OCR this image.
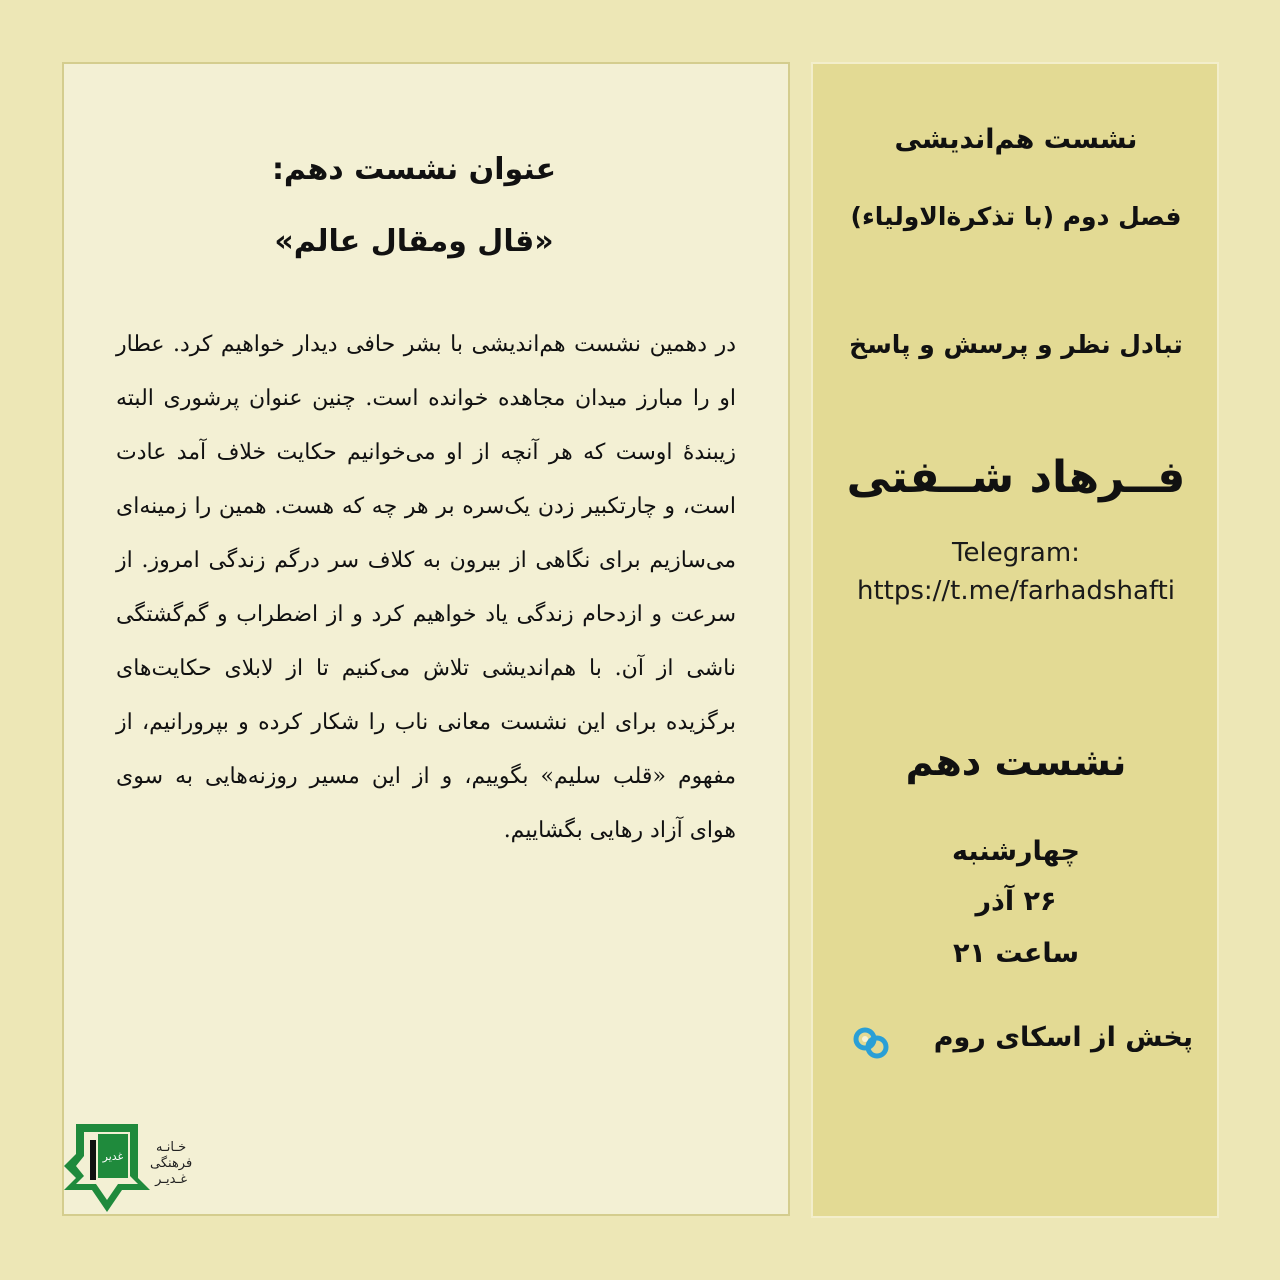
عنوان نشست دهم:
«قال ومقال عالم»
در دهمین نشست هم‌اندیشی با بشر حافی دیدار خواهیم کرد. عطار او را مبارز میدان مجاهده خوانده است. چنین عنوان پرشوری البته زیبندهٔ اوست که هر آنچه از او می‌خوانیم حکایت خلاف آمد عادت است، و چارتکبیر زدن یک‌سره بر هر چه که هست. همین را زمینه‌ای می‌سازیم برای نگاهی از بیرون به کلاف سر درگم زندگی امروز. از سرعت و ازدحام زندگی یاد خواهیم کرد و از اضطراب و گم‌گشتگی ناشی از آن. با هم‌اندیشی تلاش می‌کنیم تا از لابلای حکایت‌های برگزیده برای این نشست معانی ناب را شکار کرده و بپرورانیم، از مفهوم «قلب سلیم» بگوییم، و از این مسیر روزنه‌هایی به سوی هوای آزاد رهایی بگشاییم.
غدیر
خـانـه
فرهنگی
غـدیـر
نشست هم‌اندیشی
فصل دوم (با تذکرة‌الاولیاء)
تبادل نظر و پرسش و پاسخ
فــرهاد شــفتی
Telegram:
https://t.me/farhadshafti
نشست دهم
چهارشنبه
۲۶ آذر
ساعت ۲۱
پخش از اسکای روم
